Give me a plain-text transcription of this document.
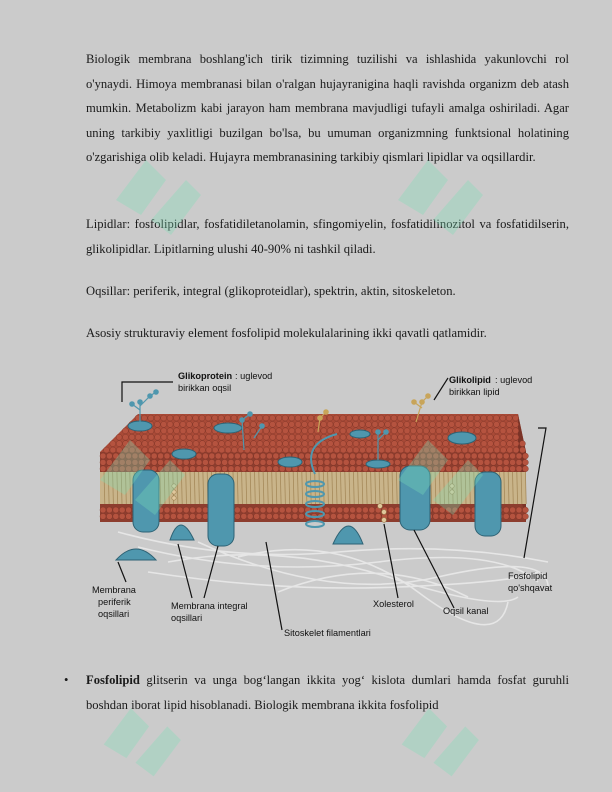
Biologik membrana boshlang'ich tirik tizimning tuzilishi va ishlashida yakunlovchi rol o'ynaydi. Himoya membranasi bilan o'ralgan hujayranigina haqli ravishda organizm deb atash mumkin. Metabolizm kabi jarayon ham membrana mavjudligi tufayli amalga oshiriladi. Agar uning tarkibiy yaxlitligi buzilgan bo'lsa, bu umuman organizmning funktsional holatining o'zgarishiga olib keladi. Hujayra membranasining tarkibiy qismlari lipidlar va oqsillardir.

Lipidlar: fosfolipidlar, fosfatidiletanolamin, sfingomiyelin, fosfatidilinozitol va fosfatidilserin, glikolipidlar. Lipitlarning ulushi 40-90% ni tashkil qiladi.

Oqsillar: periferik, integral (glikoproteidlar), spektrin, aktin, sitoskeleton.

Asosiy strukturaviy element fosfolipid molekulalarining ikki qavatli qatlamidir.

Glikoprotein : uglevod
birikkan oqsil
Glikolipid : uglevod
birikkan lipid
Membrana
periferik
oqsillari
Membrana integral
oqsillari
Xolesterol
Oqsil kanal
Fosfolipid
qo'shqavat
Sitoskelet filamentlari
• Fosfolipid glitserin va unga bog‘langan ikkita yog‘ kislota dumlari hamda fosfat guruhli boshdan iborat lipid hisoblanadi. Biologik membrana ikkita fosfolipid
